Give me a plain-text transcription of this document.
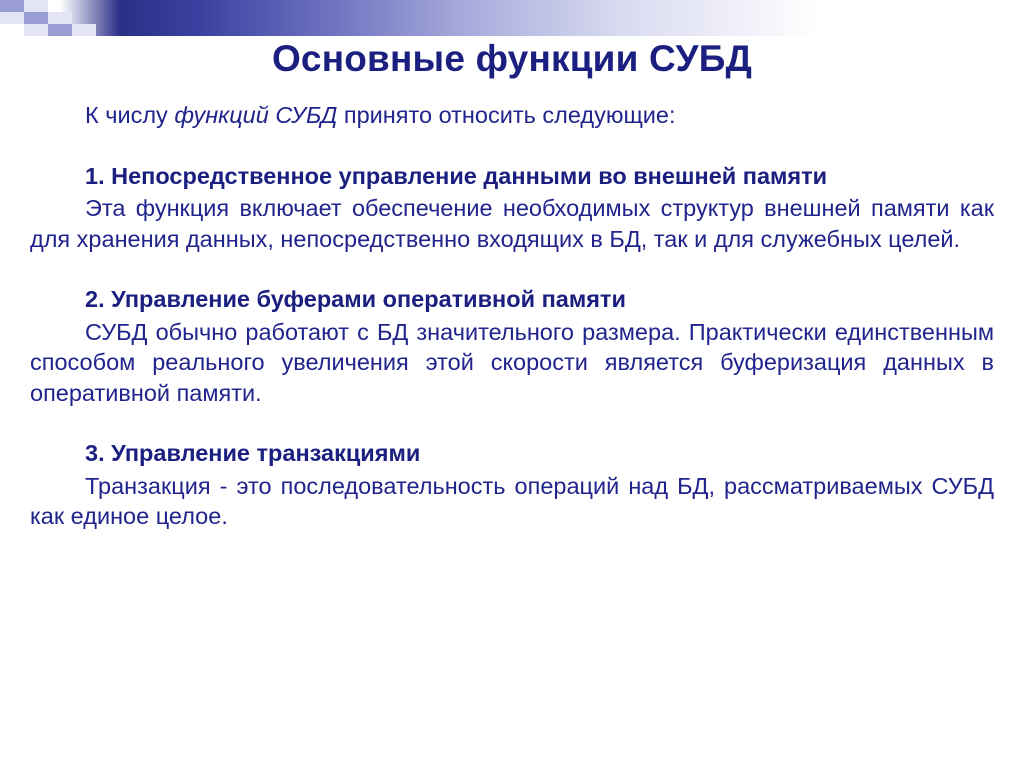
Основные функции СУБД

К числу функций СУБД принято относить следующие:

1. Непосредственное управление данными во внешней памяти

Эта функция включает обеспечение необходимых структур внешней памяти как для хранения данных, непосредственно входящих в БД, так и для служебных целей.

2. Управление буферами оперативной памяти

СУБД обычно работают с БД значительного размера. Практически единственным способом реального увеличения этой скорости является буферизация данных в оперативной памяти.

3. Управление транзакциями

Транзакция - это последовательность операций над БД, рассматриваемых СУБД как единое целое.
